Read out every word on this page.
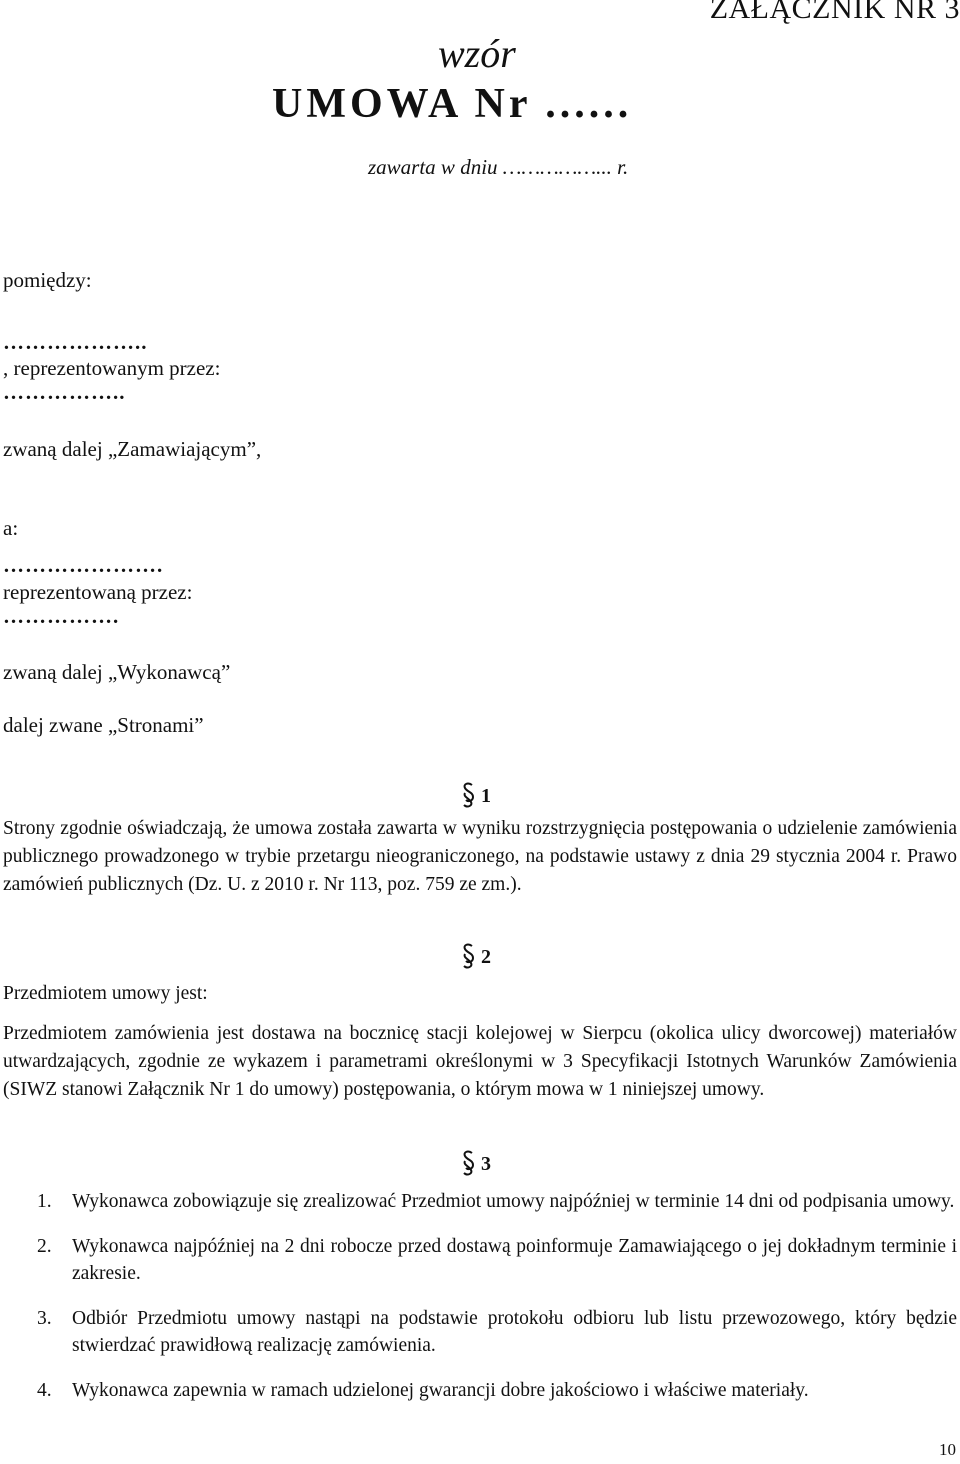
ZAŁĄCZNIK NR 3
wzór
UMOWA Nr ......
zawarta w dniu ……………... r.
pomiędzy:
………………..
, reprezentowanym przez:
……………..
zwaną dalej „Zamawiającym”,
a:
………………….
reprezentowaną przez:
…………….
zwaną dalej „Wykonawcą”
dalej zwane „Stronami”
1
Strony zgodnie oświadczają, że umowa została zawarta w wyniku rozstrzygnięcia postępowania o udzielenie zamówienia publicznego prowadzonego w trybie przetargu nieograniczonego, na podstawie ustawy z dnia 29 stycznia 2004 r. Prawo zamówień publicznych (Dz. U. z 2010 r. Nr 113, poz. 759 ze zm.).
2
Przedmiotem umowy jest:
Przedmiotem zamówienia jest dostawa na bocznicę stacji kolejowej w Sierpcu (okolica ulicy dworcowej) materiałów utwardzających, zgodnie ze wykazem i parametrami określonymi w 3 Specyfikacji Istotnych Warunków Zamówienia (SIWZ stanowi Załącznik Nr 1 do umowy) postępowania, o którym mowa w 1 niniejszej umowy.
3
1. Wykonawca zobowiązuje się zrealizować Przedmiot umowy najpóźniej w terminie 14 dni od podpisania umowy.
2. Wykonawca najpóźniej na 2 dni robocze przed dostawą poinformuje Zamawiającego o jej dokładnym terminie i zakresie.
3. Odbiór Przedmiotu umowy nastąpi na podstawie protokołu odbioru lub listu przewozowego, który będzie stwierdzać prawidłową realizację zamówienia.
4. Wykonawca zapewnia w ramach udzielonej gwarancji dobre jakościowo i właściwe materiały.
10
